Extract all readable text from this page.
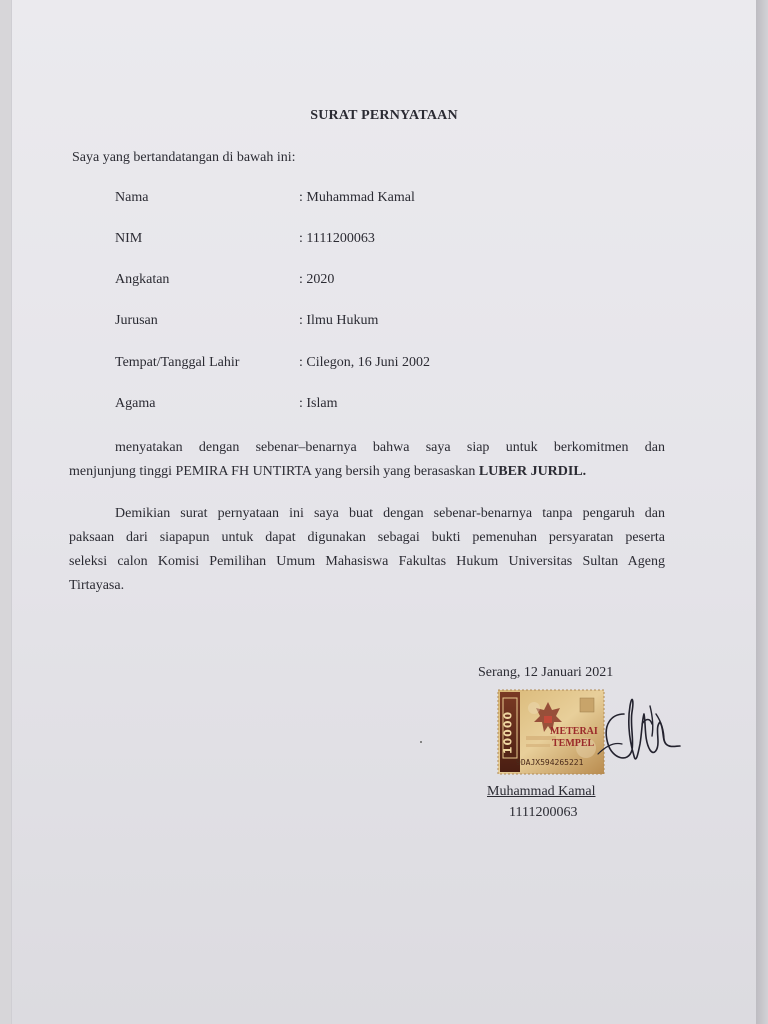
SURAT PERNYATAAN
Saya yang bertandatangan di bawah ini:
Nama	: Muhammad Kamal
NIM	: 1111200063
Angkatan	: 2020
Jurusan	: Ilmu Hukum
Tempat/Tanggal Lahir	: Cilegon, 16 Juni 2002
Agama	: Islam
menyatakan dengan sebenar–benarnya bahwa saya siap untuk berkomitmen dan
menjunjung tinggi PEMIRA FH UNTIRTA yang bersih yang berasaskan LUBER JURDIL.
Demikian surat pernyataan ini saya buat dengan sebenar-benarnya tanpa pengaruh dan
paksaan dari siapapun untuk dapat digunakan sebagai bukti pemenuhan persyaratan peserta
seleksi calon Komisi Pemilihan Umum Mahasiswa Fakultas Hukum Universitas Sultan Ageng
Tirtayasa.
Serang, 12 Januari 2021
10000	METERAI
TEMPEL
9DAJX594265221
Muhammad Kamal
1111200063
